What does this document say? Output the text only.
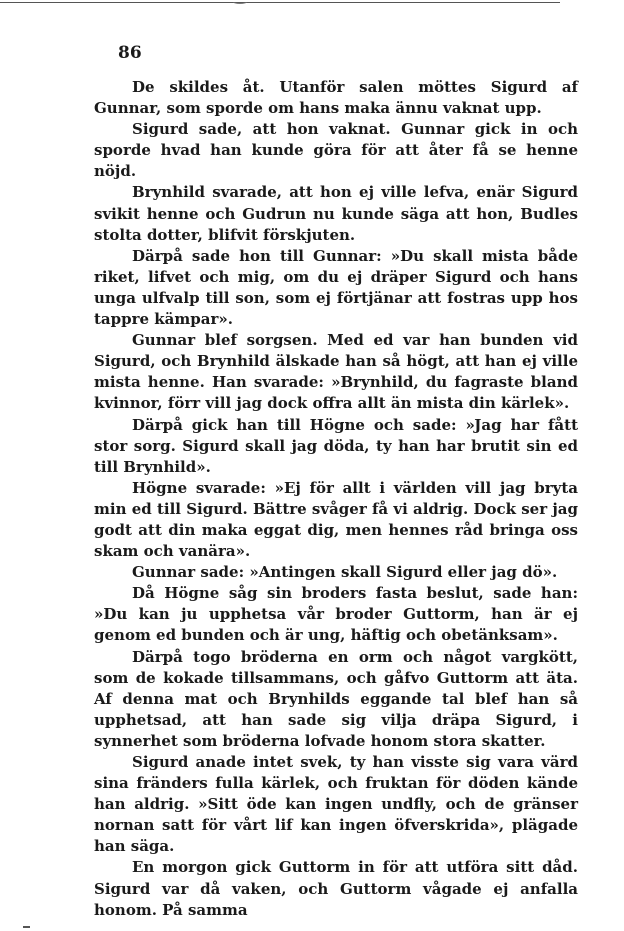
86

De skildes åt. Utanför salen möttes Sigurd af Gunnar, som sporde om hans maka ännu vaknat upp.

Sigurd sade, att hon vaknat. Gunnar gick in och sporde hvad han kunde göra för att åter få se henne nöjd.

Brynhild svarade, att hon ej ville lefva, enär Sigurd svikit henne och Gudrun nu kunde säga att hon, Budles stolta dotter, blifvit förskjuten.

Därpå sade hon till Gunnar: »Du skall mista både riket, lifvet och mig, om du ej dräper Sigurd och hans unga ulfvalp till son, som ej förtjänar att fostras upp hos tappre kämpar».

Gunnar blef sorgsen. Med ed var han bunden vid Sigurd, och Brynhild älskade han så högt, att han ej ville mista henne. Han svarade: »Brynhild, du fagraste bland kvinnor, förr vill jag dock offra allt än mista din kärlek».

Därpå gick han till Högne och sade: »Jag har fått stor sorg. Sigurd skall jag döda, ty han har brutit sin ed till Brynhild».

Högne svarade: »Ej för allt i världen vill jag bryta min ed till Sigurd. Bättre svåger få vi aldrig. Dock ser jag godt att din maka eggat dig, men hennes råd bringa oss skam och vanära».

Gunnar sade: »Antingen skall Sigurd eller jag dö».

Då Högne såg sin broders fasta beslut, sade han: »Du kan ju upphetsa vår broder Guttorm, han är ej genom ed bunden och är ung, häftig och obetänksam».

Därpå togo bröderna en orm och något vargkött, som de kokade tillsammans, och gåfvo Guttorm att äta. Af denna mat och Brynhilds eggande tal blef han så upphetsad, att han sade sig vilja dräpa Sigurd, i synnerhet som bröderna lofvade honom stora skatter.

Sigurd anade intet svek, ty han visste sig vara värd sina fränders fulla kärlek, och fruktan för döden kände han aldrig. »Sitt öde kan ingen undfly, och de gränser nornan satt för vårt lif kan ingen öfverskrida», plägade han säga.

En morgon gick Guttorm in för att utföra sitt dåd. Sigurd var då vaken, och Guttorm vågade ej anfalla honom. På samma
